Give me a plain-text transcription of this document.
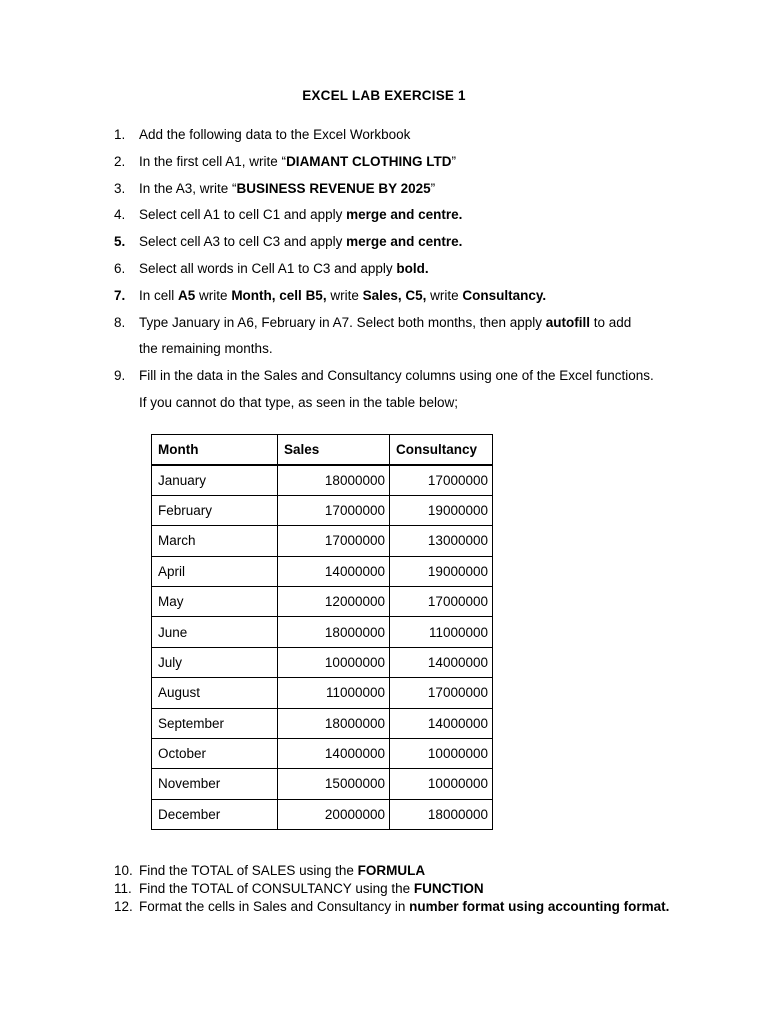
EXCEL LAB EXERCISE 1
1. Add the following data to the Excel Workbook
2. In the first cell A1, write “DIAMANT CLOTHING LTD”
3. In the A3, write “BUSINESS REVENUE BY 2025”
4. Select cell A1 to cell C1 and apply merge and centre.
5. Select cell A3 to cell C3 and apply merge and centre.
6. Select all words in Cell A1 to C3 and apply bold.
7. In cell A5 write Month, cell B5, write Sales, C5, write Consultancy.
8. Type January in A6, February in A7. Select both months, then apply autofill to add
the remaining months.
9. Fill in the data in the Sales and Consultancy columns using one of the Excel functions.
If you cannot do that type, as seen in the table below;
Month	Sales	Consultancy
January	18000000	17000000
February	17000000	19000000
March	17000000	13000000
April	14000000	19000000
May	12000000	17000000
June	18000000	11000000
July	10000000	14000000
August	11000000	17000000
September	18000000	14000000
October	14000000	10000000
November	15000000	10000000
December	20000000	18000000
10. Find the TOTAL of SALES using the FORMULA
11. Find the TOTAL of CONSULTANCY using the FUNCTION
12. Format the cells in Sales and Consultancy in number format using accounting format.
